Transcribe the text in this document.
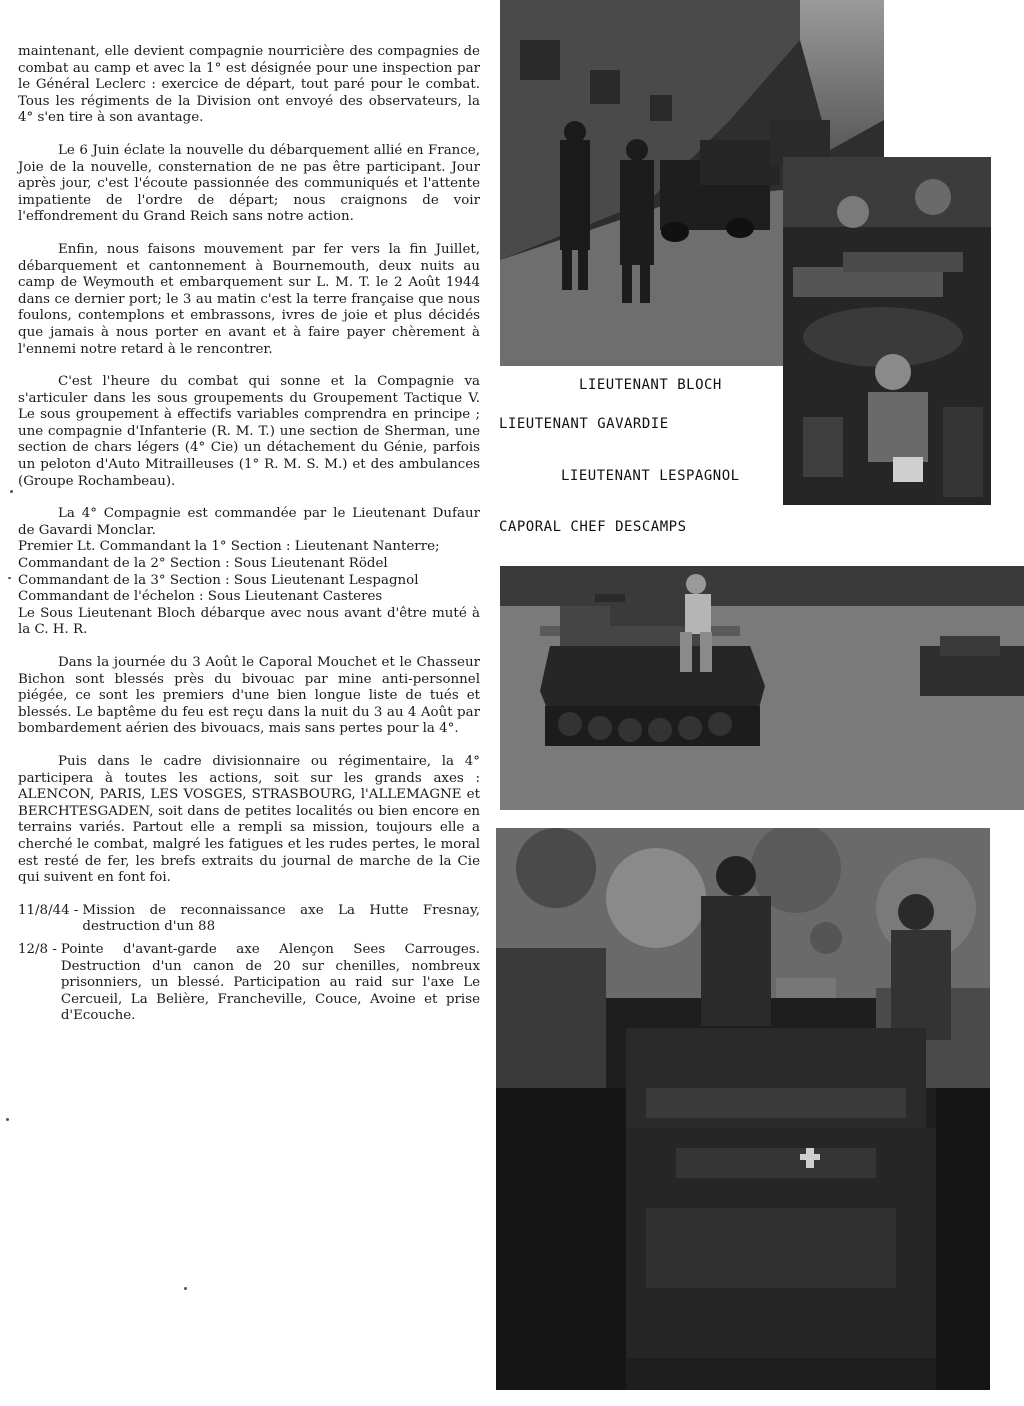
maintenant, elle devient compagnie nourricière des compagnies de combat au camp et avec la 1° est désignée pour une inspection par le Général Leclerc : exercice de départ, tout paré pour le combat. Tous les régiments de la Division ont envoyé des observateurs, la 4° s'en tire à son avantage.

Le 6 Juin éclate la nouvelle du débarquement allié en France, Joie de la nouvelle, consternation de ne pas être participant. Jour après jour, c'est l'écoute passionnée des communiqués et l'attente impatiente de l'ordre de départ; nous craignons de voir l'effondrement du Grand Reich sans notre action.

Enfin, nous faisons mouvement par fer vers la fin Juillet, débarquement et cantonnement à Bournemouth, deux nuits au camp de Weymouth et embarquement sur L. M. T. le 2 Août 1944 dans ce dernier port; le 3 au matin c'est la terre française que nous foulons, contemplons et embrassons, ivres de joie et plus décidés que jamais à nous porter en avant et à faire payer chèrement à l'ennemi notre retard à le rencontrer.

C'est l'heure du combat qui sonne et la Compagnie va s'articuler dans les sous groupements du Groupement Tactique V. Le sous groupement à effectifs variables comprendra en principe ; une compagnie d'Infanterie (R. M. T.) une section de Sherman, une section de chars légers (4° Cie) un détachement du Génie, parfois un peloton d'Auto Mitrailleuses (1° R. M. S. M.) et des ambulances (Groupe Rochambeau).

La 4° Compagnie est commandée par le Lieutenant Dufaur de Gavardi Monclar.

Premier Lt. Commandant la 1° Section : Lieutenant Nanterre;
Commandant de la 2° Section : Sous Lieutenant Rödel
Commandant de la 3° Section : Sous Lieutenant Lespagnol
Commandant de l'échelon : Sous Lieutenant Casteres
Le Sous Lieutenant Bloch débarque avec nous avant d'être muté à la C. H. R.

Dans la journée du 3 Août le Caporal Mouchet et le Chasseur Bichon sont blessés près du bivouac par mine anti-personnel piégée, ce sont les premiers d'une bien longue liste de tués et blessés. Le baptême du feu est reçu dans la nuit du 3 au 4 Août par bombardement aérien des bivouacs, mais sans pertes pour la 4°.

Puis dans le cadre divisionnaire ou régimentaire, la 4° participera à toutes les actions, soit sur les grands axes : ALENCON, PARIS, LES VOSGES, STRASBOURG, l'ALLEMAGNE et BERCHTESGADEN, soit dans de petites localités ou bien encore en terrains variés. Partout elle a rempli sa mission, toujours elle a cherché le combat, malgré les fatigues et les rudes pertes, le moral est resté de fer, les brefs extraits du journal de marche de la Cie qui suivent en font foi.

11/8/44 - Mission de reconnaissance axe La Hutte Fresnay, destruction d'un 88
12/8 - Pointe d'avant-garde axe Alençon Sees Carrouges. Destruction d'un canon de 20 sur chenilles, nombreux prisonniers, un blessé. Participation au raid sur l'axe Le Cercueil, La Belière, Francheville, Couce, Avoine et prise d'Ecouche.
LIEUTENANT BLOCH
LIEUTENANT GAVARDIE
LIEUTENANT LESPAGNOL
CAPORAL CHEF DESCAMPS
